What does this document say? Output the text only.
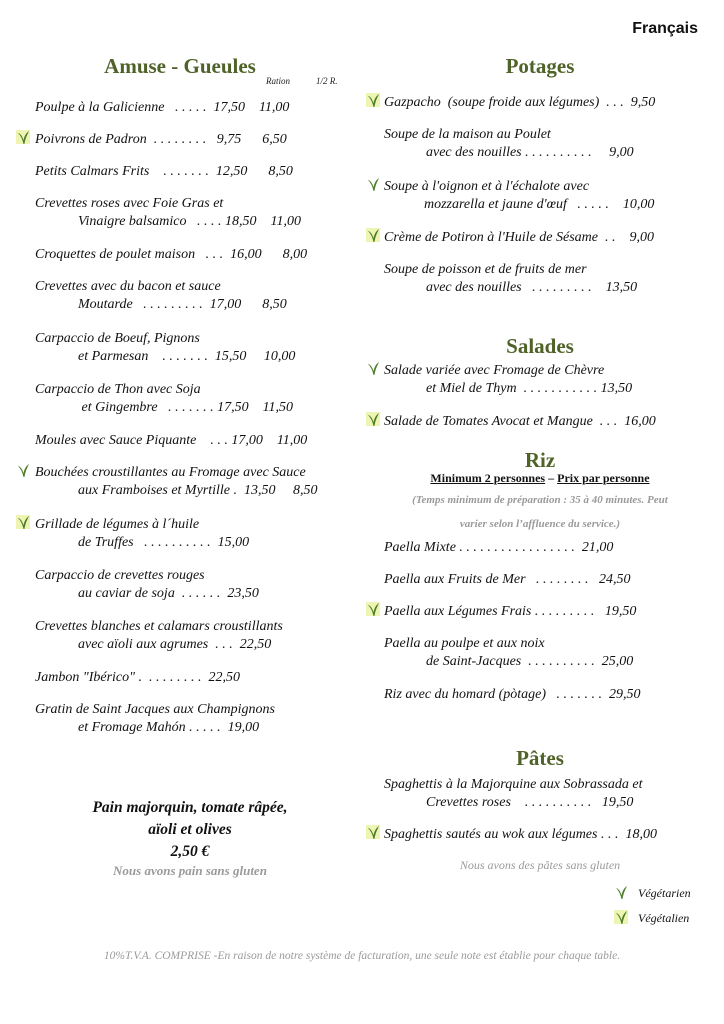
Français
Amuse - Gueules
Ration	1/2 R.
Poulpe à la Galicienne   . . . . .  17,50    11,00
Poivrons de Padron  . . . . . . . .   9,75      6,50
Petits Calmars Frits    . . . . . . .  12,50      8,50
Crevettes roses avec Foie Gras et
Vinaigre balsamico   . . . . 18,50    11,00
Croquettes de poulet maison   . . .  16,00      8,00
Crevettes avec du bacon et sauce
Moutarde   . . . . . . . . .  17,00      8,50
Carpaccio de Boeuf, Pignons
et Parmesan    . . . . . . .  15,50     10,00
Carpaccio de Thon avec Soja
et Gingembre   . . . . . . . 17,50    11,50
Moules avec Sauce Piquante    . . . 17,00    11,00
Bouchées croustillantes au Fromage avec Sauce
aux Framboises et Myrtille .  13,50     8,50
Grillade de légumes à l´huile
de Truffes   . . . . . . . . . .  15,00
Carpaccio de crevettes rouges
au caviar de soja  . . . . . .  23,50
Crevettes blanches et calamars croustillants
avec aïoli aux agrumes  . . .  22,50
Jambon "Ibérico" .  . . . . . . . .  22,50
Gratin de Saint Jacques aux Champignons
et Fromage Mahón . . . . .  19,00
Pain majorquin, tomate râpée,
aïoli et olives
2,50 €
Nous avons pain sans gluten
Potages
Gazpacho  (soupe froide aux légumes)  . . .  9,50
Soupe de la maison au Poulet
avec des nouilles . . . . . . . . . .     9,00
Soupe à l'oignon et à l'échalote avec
mozzarella et jaune d'œuf   . . . . .    10,00
Crème de Potiron à l'Huile de Sésame  . .    9,00
Soupe de poisson et de fruits de mer
avec des nouilles   . . . . . . . . .    13,50
Salades
Salade variée avec Fromage de Chèvre
et Miel de Thym  . . . . . . . . . . . 13,50
Salade de Tomates Avocat et Mangue  . . .  16,00
Riz
Minimum 2 personnes – Prix par personne
(Temps minimum de préparation : 35 à 40 minutes. Peut
varier selon l’affluence du service.)
Paella Mixte . . . . . . . . . . . . . . . . .  21,00
Paella aux Fruits de Mer   . . . . . . . .   24,50
Paella aux Légumes Frais . . . . . . . . .   19,50
Paella au poulpe et aux noix
de Saint-Jacques  . . . . . . . . . .  25,00
Riz avec du homard (pòtage)   . . . . . . .  29,50
Pâtes
Spaghettis à la Majorquine aux Sobrassada et
Crevettes roses    . . . . . . . . . .   19,50
Spaghettis sautés au wok aux légumes . . .  18,00
Nous avons des pâtes sans gluten
Végétarien
Végétalien
10%T.V.A. COMPRISE -En raison de notre système de facturation, une seule note est établie pour chaque table.
